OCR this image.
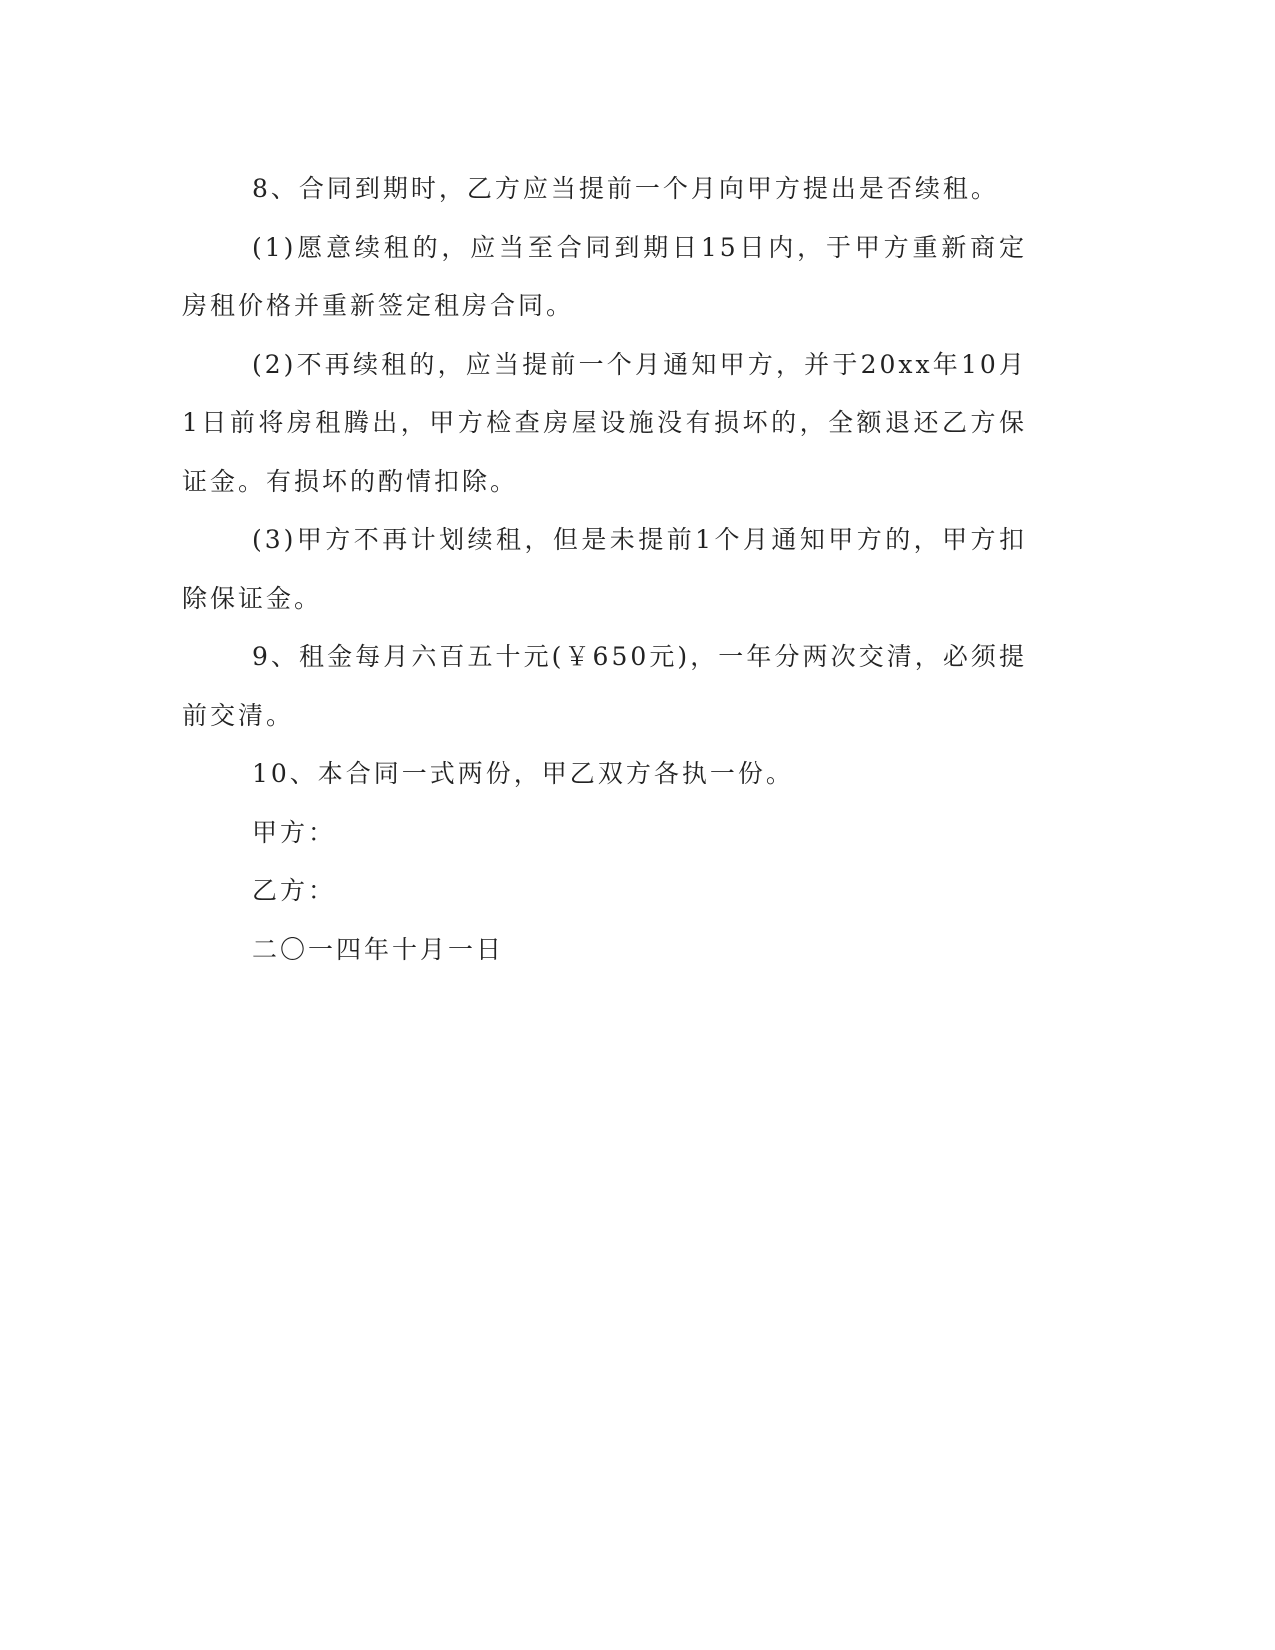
8、合同到期时，乙方应当提前一个月向甲方提出是否续租。

(1)愿意续租的，应当至合同到期日15日内，于甲方重新商定房租价格并重新签定租房合同。

(2)不再续租的，应当提前一个月通知甲方，并于20xx年10月1日前将房租腾出，甲方检查房屋设施没有损坏的，全额退还乙方保证金。有损坏的酌情扣除。

(3)甲方不再计划续租，但是未提前1个月通知甲方的，甲方扣除保证金。

9、租金每月六百五十元(￥650元)，一年分两次交清，必须提前交清。

10、本合同一式两份，甲乙双方各执一份。

甲方：

乙方：

二〇一四年十月一日
